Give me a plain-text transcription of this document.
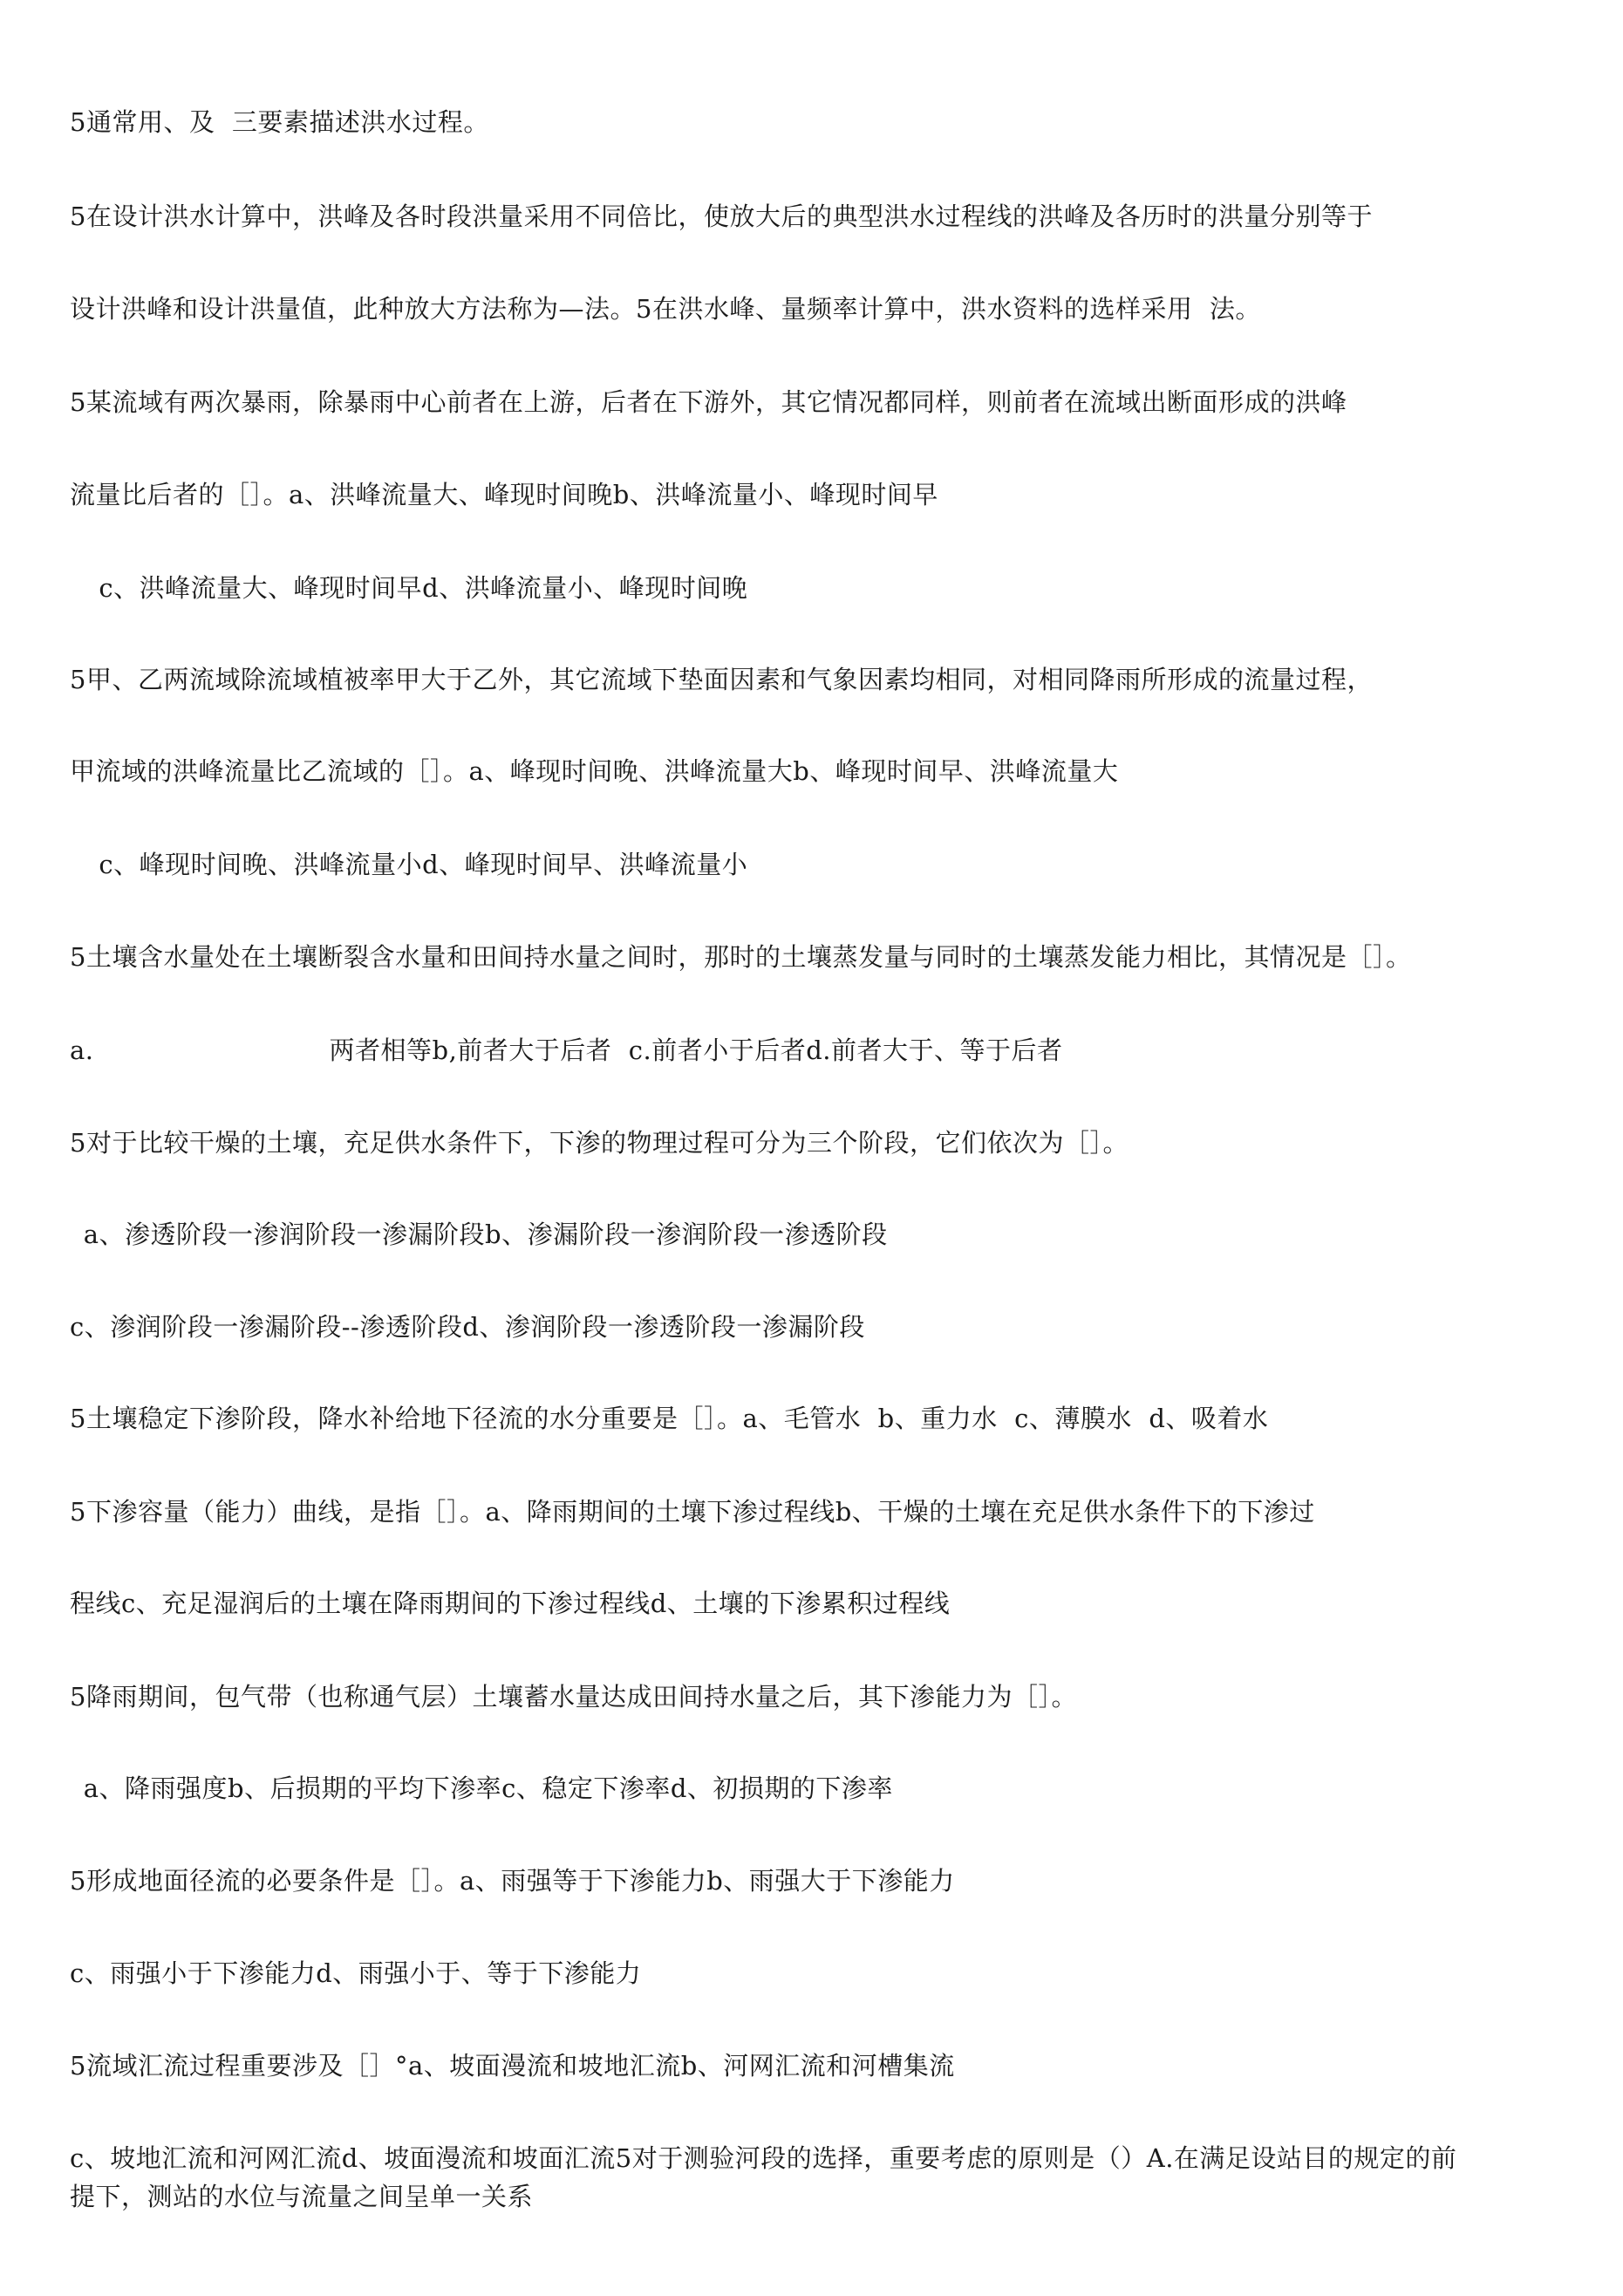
5通常用、及  三要素描述洪水过程。
5在设计洪水计算中，洪峰及各时段洪量采用不同倍比，使放大后的典型洪水过程线的洪峰及各历时的洪量分别等于
设计洪峰和设计洪量值，此种放大方法称为—法。5在洪水峰、量频率计算中，洪水资料的选样采用  法。
5某流域有两次暴雨，除暴雨中心前者在上游，后者在下游外，其它情况都同样，则前者在流域出断面形成的洪峰
流量比后者的［］。a、洪峰流量大、峰现时间晚b、洪峰流量小、峰现时间早
c、洪峰流量大、峰现时间早d、洪峰流量小、峰现时间晚
5甲、乙两流域除流域植被率甲大于乙外，其它流域下垫面因素和气象因素均相同，对相同降雨所形成的流量过程，
甲流域的洪峰流量比乙流域的［］。a、峰现时间晚、洪峰流量大b、峰现时间早、洪峰流量大
c、峰现时间晚、洪峰流量小d、峰现时间早、洪峰流量小
5土壤含水量处在土壤断裂含水量和田间持水量之间时，那时的土壤蒸发量与同时的土壤蒸发能力相比，其情况是［］。
a.	两者相等b,前者大于后者  c.前者小于后者d.前者大于、等于后者
5对于比较干燥的土壤，充足供水条件下，下渗的物理过程可分为三个阶段，它们依次为［］。
a、渗透阶段一渗润阶段一渗漏阶段b、渗漏阶段一渗润阶段一渗透阶段
c、渗润阶段一渗漏阶段--渗透阶段d、渗润阶段一渗透阶段一渗漏阶段
5土壤稳定下渗阶段，降水补给地下径流的水分重要是［］。a、毛管水  b、重力水  c、薄膜水  d、吸着水
5下渗容量（能力）曲线，是指［］。a、降雨期间的土壤下渗过程线b、干燥的土壤在充足供水条件下的下渗过
程线c、充足湿润后的土壤在降雨期间的下渗过程线d、土壤的下渗累积过程线
5降雨期间，包气带（也称通气层）土壤蓄水量达成田间持水量之后，其下渗能力为［］。
a、降雨强度b、后损期的平均下渗率c、稳定下渗率d、初损期的下渗率
5形成地面径流的必要条件是［］。a、雨强等于下渗能力b、雨强大于下渗能力
c、雨强小于下渗能力d、雨强小于、等于下渗能力
5流域汇流过程重要涉及［］°a、坡面漫流和坡地汇流b、河网汇流和河槽集流
c、坡地汇流和河网汇流d、坡面漫流和坡面汇流5对于测验河段的选择，重要考虑的原则是（）A.在满足设站目的规定的前
提下，测站的水位与流量之间呈单一关系
